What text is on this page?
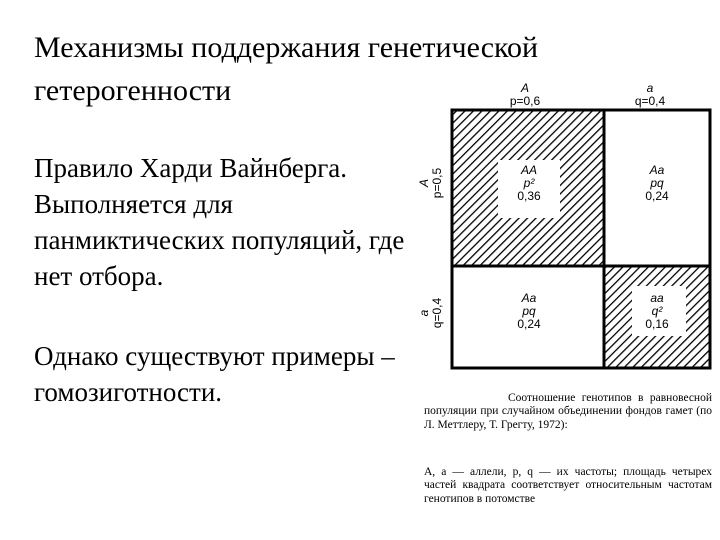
Механизмы поддержания генетической гетерогенности
Правило Харди Вайнберга. Выполняется для панмиктических популяций, где нет отбора.
Однако существуют примеры – гомозиготности.
A
p=0,6
a
q=0,4
A
p=0,5
a
q=0,4
AA
p²
0,36
Aa
pq
0,24
Aa
pq
0,24
aa
q²
0,16
Соотношение генотипов в равновесной популяции при случайном объединении фондов гамет (по Л. Меттлеру, Т. Грегту, 1972):
A, a — аллели, p, q — их частоты; площадь четырех частей квадрата соответствует относительным частотам генотипов в потомстве
